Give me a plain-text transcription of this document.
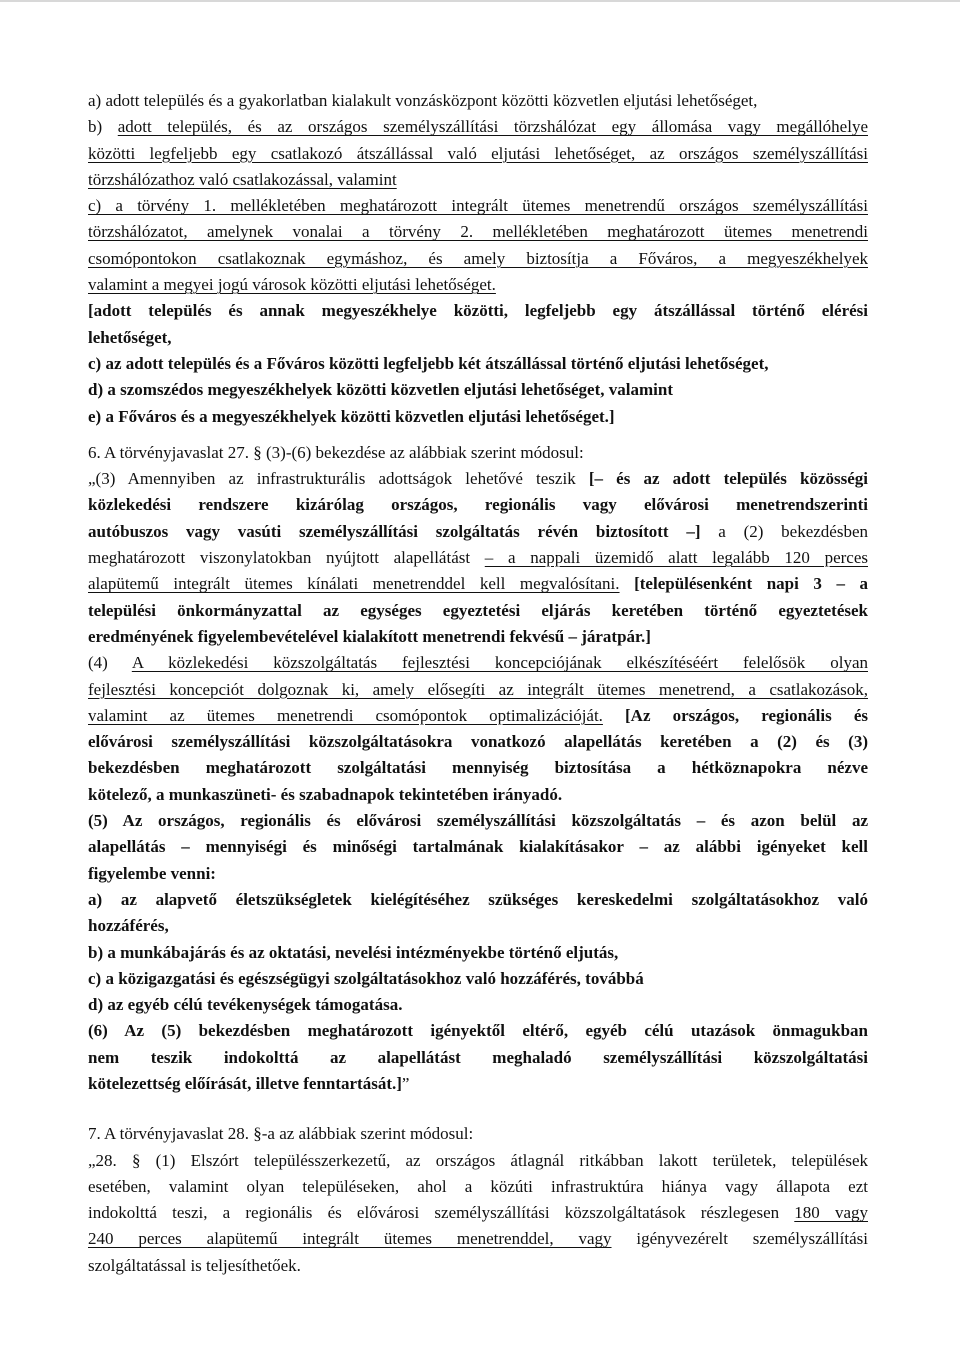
a) adott település és a gyakorlatban kialakult vonzásközpont közötti közvetlen eljutási lehetőséget,
b) adott település, és az országos személyszállítási törzshálózat egy állomása vagy megállóhelye
közötti legfeljebb egy csatlakozó átszállással való eljutási lehetőséget, az országos személyszállítási
törzshálózathoz való csatlakozással, valamint
c) a törvény 1. mellékletében meghatározott integrált ütemes menetrendű országos személyszállítási
törzshálózatot, amelynek vonalai a törvény 2. mellékletében meghatározott ütemes menetrendi
csomópontokon csatlakoznak egymáshoz, és amely biztosítja a Főváros, a megyeszékhelyek
valamint a megyei jogú városok közötti eljutási lehetőséget.
[adott település és annak megyeszékhelye közötti, legfeljebb egy átszállással történő elérési
lehetőséget,
c) az adott település és a Főváros közötti legfeljebb két átszállással történő eljutási lehetőséget,
d) a szomszédos megyeszékhelyek közötti közvetlen eljutási lehetőséget, valamint
e) a Főváros és a megyeszékhelyek közötti közvetlen eljutási lehetőséget.]
6. A törvényjavaslat 27. § (3)-(6) bekezdése az alábbiak szerint módosul:
„(3) Amennyiben az infrastrukturális adottságok lehetővé teszik [– és az adott település közösségi
közlekedési rendszere kizárólag országos, regionális vagy elővárosi menetrendszerinti
autóbuszos vagy vasúti személyszállítási szolgáltatás révén biztosított –] a (2) bekezdésben
meghatározott viszonylatokban nyújtott alapellátást – a nappali üzemidő alatt legalább 120 perces
alapütemű integrált ütemes kínálati menetrenddel kell megvalósítani. [településenként napi 3 – a
települési önkormányzattal az egységes egyeztetési eljárás keretében történő egyeztetések
eredményének figyelembevételével kialakított menetrendi fekvésű – járatpár.]
(4) A közlekedési közszolgáltatás fejlesztési koncepciójának elkészítéséért felelősök olyan
fejlesztési koncepciót dolgoznak ki, amely elősegíti az integrált ütemes menetrend, a csatlakozások,
valamint az ütemes menetrendi csomópontok optimalizációját. [Az országos, regionális és
elővárosi személyszállítási közszolgáltatásokra vonatkozó alapellátás keretében a (2) és (3)
bekezdésben meghatározott szolgáltatási mennyiség biztosítása a hétköznapokra nézve
kötelező, a munkaszüneti- és szabadnapok tekintetében irányadó.
(5) Az országos, regionális és elővárosi személyszállítási közszolgáltatás – és azon belül az
alapellátás – mennyiségi és minőségi tartalmának kialakításakor – az alábbi igényeket kell
figyelembe venni:
a) az alapvető életszükségletek kielégítéséhez szükséges kereskedelmi szolgáltatásokhoz való
hozzáférés,
b) a munkábajárás és az oktatási, nevelési intézményekbe történő eljutás,
c) a közigazgatási és egészségügyi szolgáltatásokhoz való hozzáférés, továbbá
d) az egyéb célú tevékenységek támogatása.
(6) Az (5) bekezdésben meghatározott igényektől eltérő, egyéb célú utazások önmagukban
nem teszik indokolttá az alapellátást meghaladó személyszállítási közszolgáltatási
kötelezettség előírását, illetve fenntartását.]”
7. A törvényjavaslat 28. §-a az alábbiak szerint módosul:
„28. § (1) Elszórt településszerkezetű, az országos átlagnál ritkábban lakott területek, települések
esetében, valamint olyan településeken, ahol a közúti infrastruktúra hiánya vagy állapota ezt
indokolttá teszi, a regionális és elővárosi személyszállítási közszolgáltatások részlegesen 180 vagy
240 perces alapütemű integrált ütemes menetrenddel, vagy igényvezérelt személyszállítási
szolgáltatással is teljesíthetőek.
